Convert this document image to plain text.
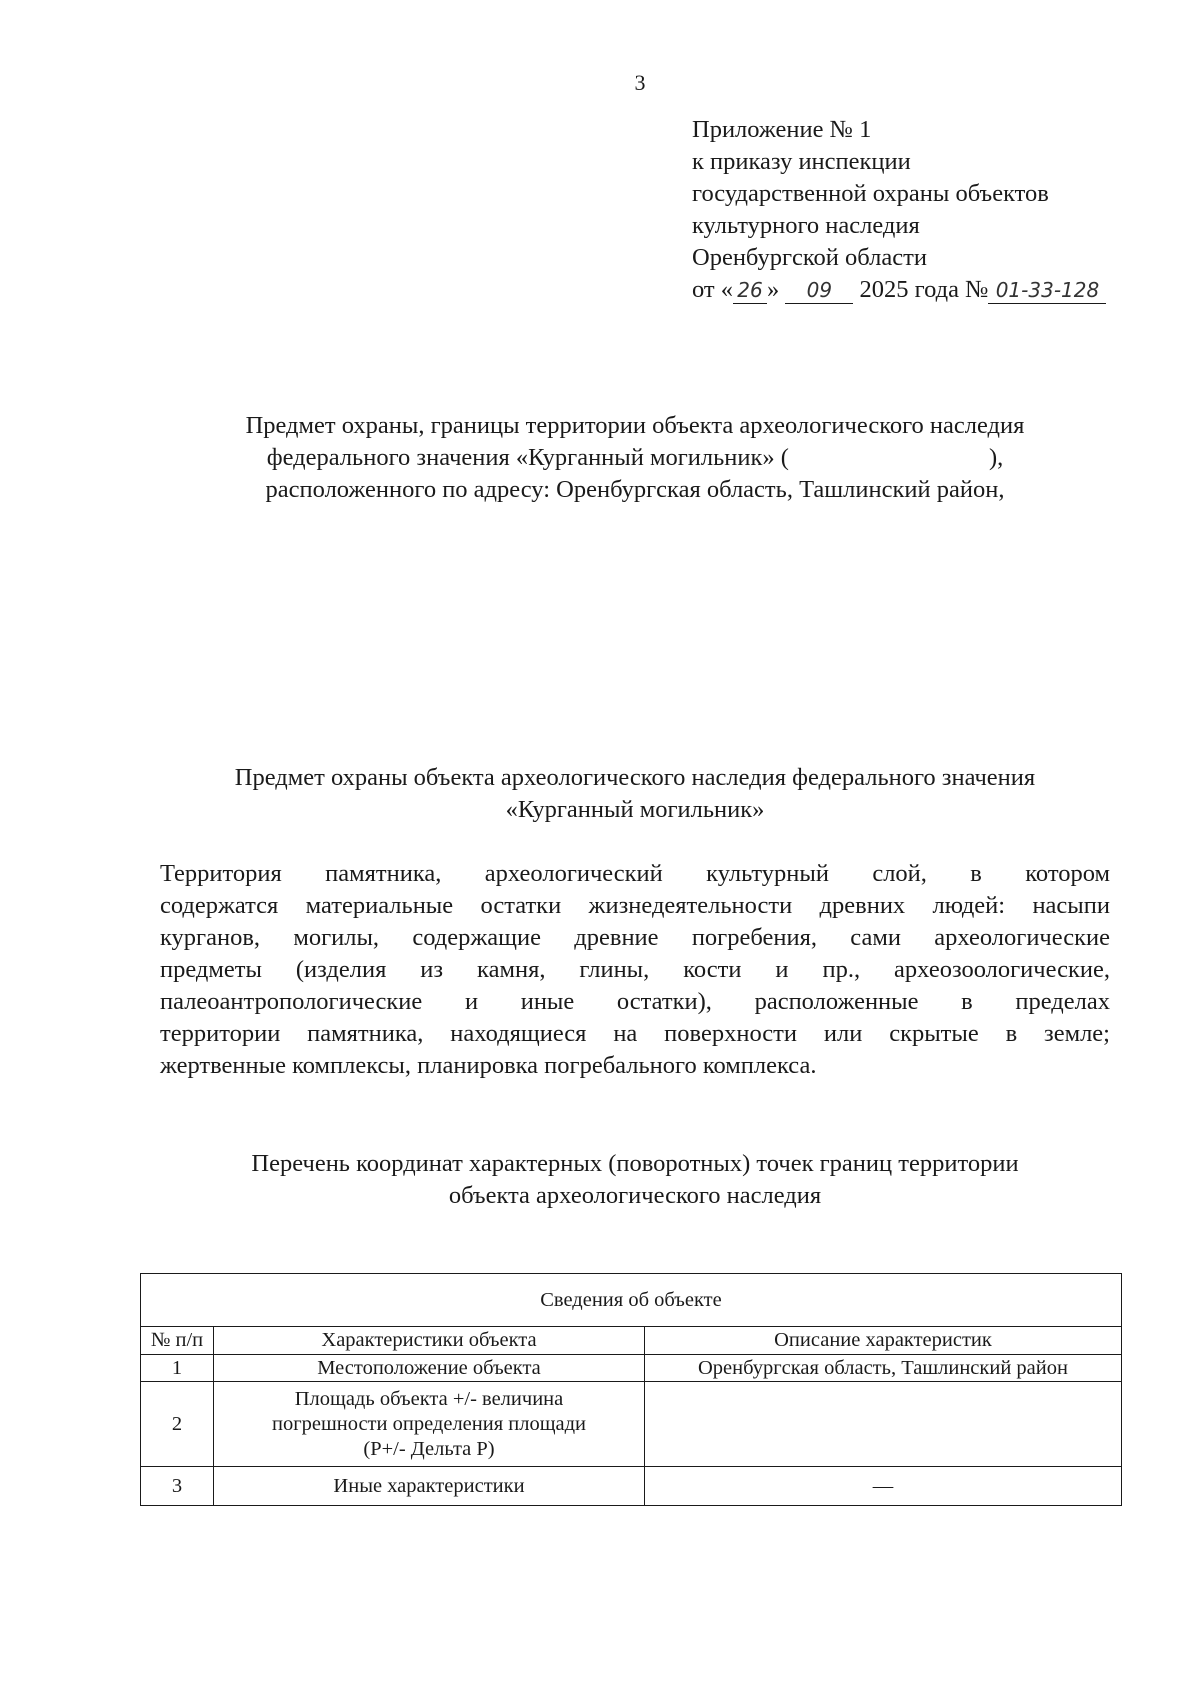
3
Приложение № 1
к приказу инспекции
государственной охраны объектов
культурного наследия
Оренбургской области
от « 26 » 09 2025 года № 01-33-128
Предмет охраны, границы территории объекта археологического наследия
федерального значения «Курганный могильник» (	),
расположенного по адресу: Оренбургская область, Ташлинский район,
Предмет охраны объекта археологического наследия федерального значения
«Курганный могильник»
Территория памятника, археологический культурный слой, в котором
содержатся материальные остатки жизнедеятельности древних людей: насыпи
курганов, могилы, содержащие древние погребения, сами археологические
предметы (изделия из камня, глины, кости и пр., археозоологические,
палеоантропологические и иные остатки), расположенные в пределах
территории памятника, находящиеся на поверхности или скрытые в земле;
жертвенные комплексы, планировка погребального комплекса.
Перечень координат характерных (поворотных) точек границ территории
объекта археологического наследия
Сведения об объекте		
№ п/п	Характеристики объекта	Описание характеристик
1	Местоположение объекта	Оренбургская область, Ташлинский район
2	Площадь объекта +/- величина
погрешности определения площади
(P+/- Дельта P)	

3	Иные характеристики	—
